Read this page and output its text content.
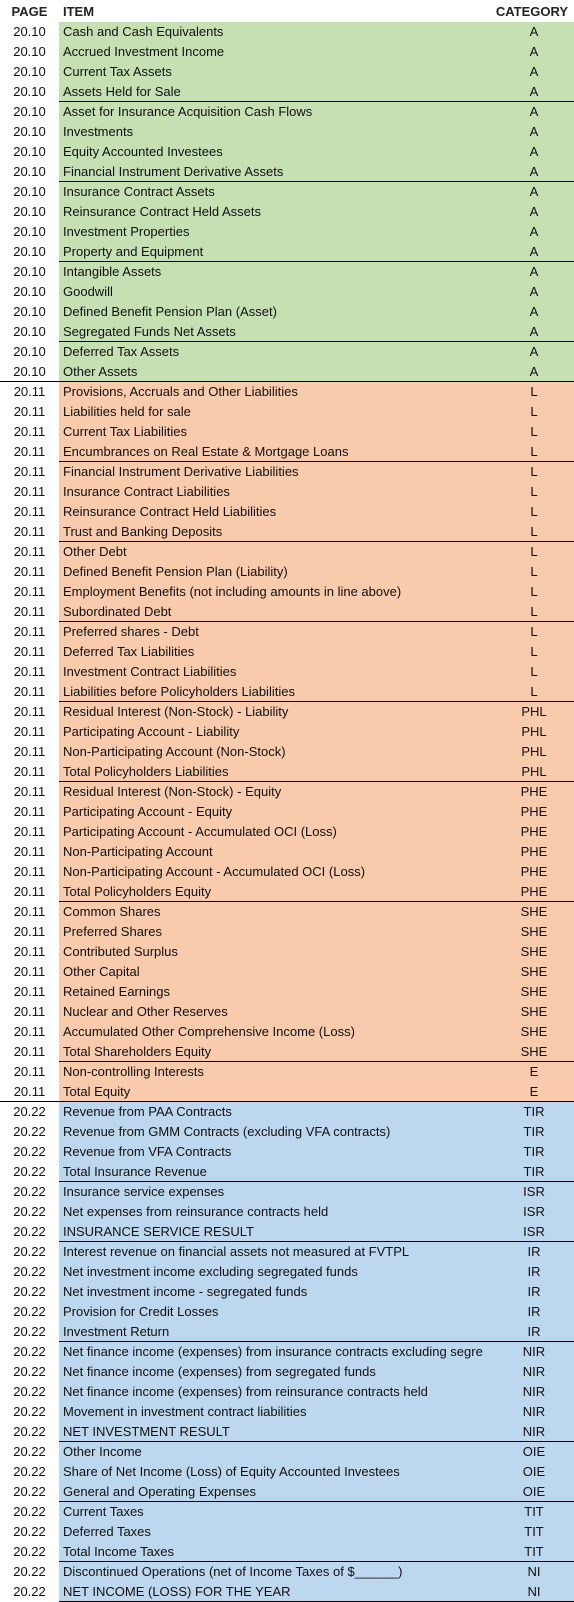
PAGE	ITEM	CATEGORY
20.10	Cash and Cash Equivalents	A
20.10	Accrued Investment Income	A
20.10	Current Tax Assets	A
20.10	Assets Held for Sale	A
20.10	Asset for Insurance Acquisition Cash Flows	A
20.10	Investments	A
20.10	Equity Accounted Investees	A
20.10	Financial Instrument Derivative Assets	A
20.10	Insurance Contract Assets	A
20.10	Reinsurance Contract Held Assets	A
20.10	Investment Properties	A
20.10	Property and Equipment	A
20.10	Intangible Assets	A
20.10	Goodwill	A
20.10	Defined Benefit Pension Plan (Asset)	A
20.10	Segregated Funds Net Assets	A
20.10	Deferred Tax Assets	A
20.10	Other Assets	A
20.11	Provisions, Accruals and Other Liabilities	L
20.11	Liabilities held for sale	L
20.11	Current Tax Liabilities	L
20.11	Encumbrances on Real Estate & Mortgage Loans	L
20.11	Financial Instrument Derivative Liabilities	L
20.11	Insurance Contract Liabilities	L
20.11	Reinsurance Contract Held Liabilities	L
20.11	Trust and Banking Deposits	L
20.11	Other Debt	L
20.11	Defined Benefit Pension Plan (Liability)	L
20.11	Employment Benefits (not including amounts in line above)	L
20.11	Subordinated Debt	L
20.11	Preferred shares - Debt	L
20.11	Deferred Tax Liabilities	L
20.11	Investment Contract Liabilities	L
20.11	Liabilities before Policyholders Liabilities	L
20.11	Residual Interest (Non-Stock) - Liability	PHL
20.11	Participating Account - Liability	PHL
20.11	Non-Participating Account (Non-Stock)	PHL
20.11	Total Policyholders Liabilities	PHL
20.11	Residual Interest (Non-Stock) - Equity	PHE
20.11	Participating Account - Equity	PHE
20.11	Participating Account - Accumulated OCI (Loss)	PHE
20.11	Non-Participating Account	PHE
20.11	Non-Participating Account - Accumulated OCI (Loss)	PHE
20.11	Total Policyholders Equity	PHE
20.11	Common Shares	SHE
20.11	Preferred Shares	SHE
20.11	Contributed Surplus	SHE
20.11	Other Capital	SHE
20.11	Retained Earnings	SHE
20.11	Nuclear and Other Reserves	SHE
20.11	Accumulated Other Comprehensive Income (Loss)	SHE
20.11	Total Shareholders Equity	SHE
20.11	Non-controlling Interests	E
20.11	Total Equity	E
20.22	Revenue from PAA Contracts	TIR
20.22	Revenue from GMM Contracts (excluding VFA contracts)	TIR
20.22	Revenue from VFA Contracts	TIR
20.22	Total Insurance Revenue	TIR
20.22	Insurance service expenses	ISR
20.22	Net expenses from reinsurance contracts held	ISR
20.22	INSURANCE SERVICE RESULT	ISR
20.22	Interest revenue on financial assets not measured at FVTPL	IR
20.22	Net investment income excluding segregated funds	IR
20.22	Net investment income - segregated funds	IR
20.22	Provision for Credit Losses	IR
20.22	Investment Return	IR
20.22	Net finance income (expenses) from insurance contracts excluding segre	NIR
20.22	Net finance income (expenses) from segregated funds	NIR
20.22	Net finance income (expenses) from reinsurance contracts held	NIR
20.22	Movement in investment contract liabilities	NIR
20.22	NET INVESTMENT RESULT	NIR
20.22	Other Income	OIE
20.22	Share of Net Income (Loss) of Equity Accounted Investees	OIE
20.22	General and Operating Expenses	OIE
20.22	Current Taxes	TIT
20.22	Deferred Taxes	TIT
20.22	Total Income Taxes	TIT
20.22	Discontinued Operations (net of Income Taxes of $______)	NI
20.22	NET INCOME (LOSS) FOR THE YEAR	NI
